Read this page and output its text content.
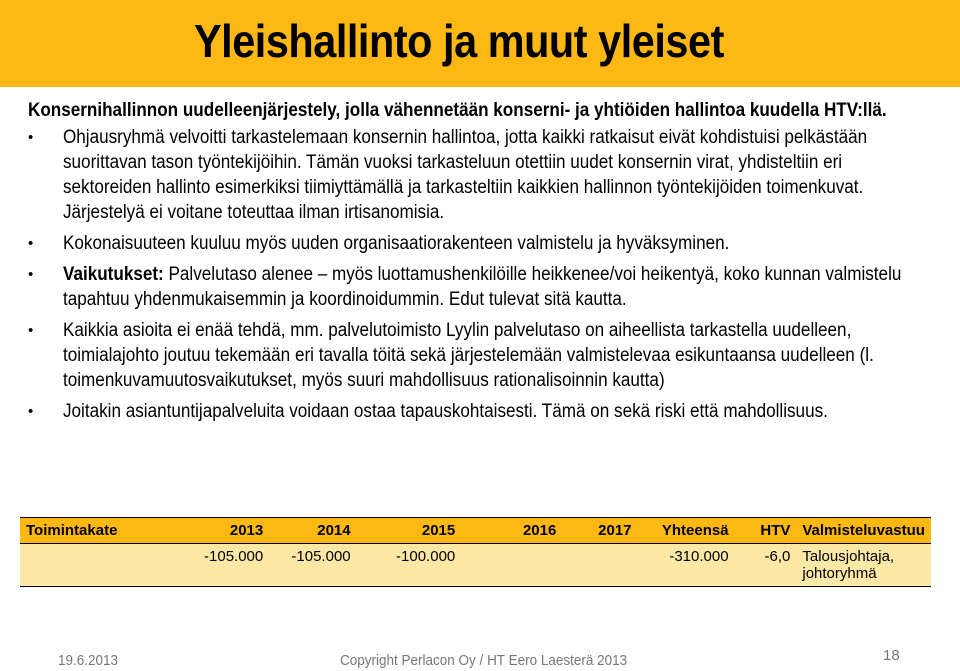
Yleishallinto ja muut yleiset
Konsernihallinnon uudelleenjärjestely, jolla vähennetään konserni- ja yhtiöiden hallintoa kuudella HTV:llä.
• Ohjausryhmä velvoitti tarkastelemaan konsernin hallintoa, jotta kaikki ratkaisut eivät kohdistuisi pelkästään
suorittavan tason työntekijöihin. Tämän vuoksi tarkasteluun otettiin uudet konsernin virat, yhdisteltiin eri
sektoreiden hallinto esimerkiksi tiimiyttämällä ja tarkasteltiin kaikkien hallinnon työntekijöiden toimenkuvat.
Järjestelyä ei voitane toteuttaa ilman irtisanomisia.
• Kokonaisuuteen kuuluu myös uuden organisaatiorakenteen valmistelu ja hyväksyminen.
• Vaikutukset: Palvelutaso alenee – myös luottamushenkilöille heikkenee/voi heikentyä, koko kunnan valmistelu
tapahtuu yhdenmukaisemmin ja koordinoidummin. Edut tulevat sitä kautta.
• Kaikkia asioita ei enää tehdä, mm. palvelutoimisto Lyylin palvelutaso on aiheellista tarkastella uudelleen,
toimialajohto joutuu tekemään eri tavalla töitä sekä järjestelemään valmistelevaa esikuntaansa uudelleen (l.
toimenkuvamuutosvaikutukset, myös suuri mahdollisuus rationalisoinnin kautta)
• Joitakin asiantuntijapalveluita voidaan ostaa tapauskohtaisesti. Tämä on sekä riski että mahdollisuus.
Toimintakate	2013	2014	2015	2016	2017	Yhteensä	HTV	Valmisteluvastuu
	-105.000	-105.000	-100.000			-310.000	-6,0	Talousjohtaja, johtoryhmä
19.6.2013	Copyright Perlacon Oy / HT Eero Laesterä 2013	18
